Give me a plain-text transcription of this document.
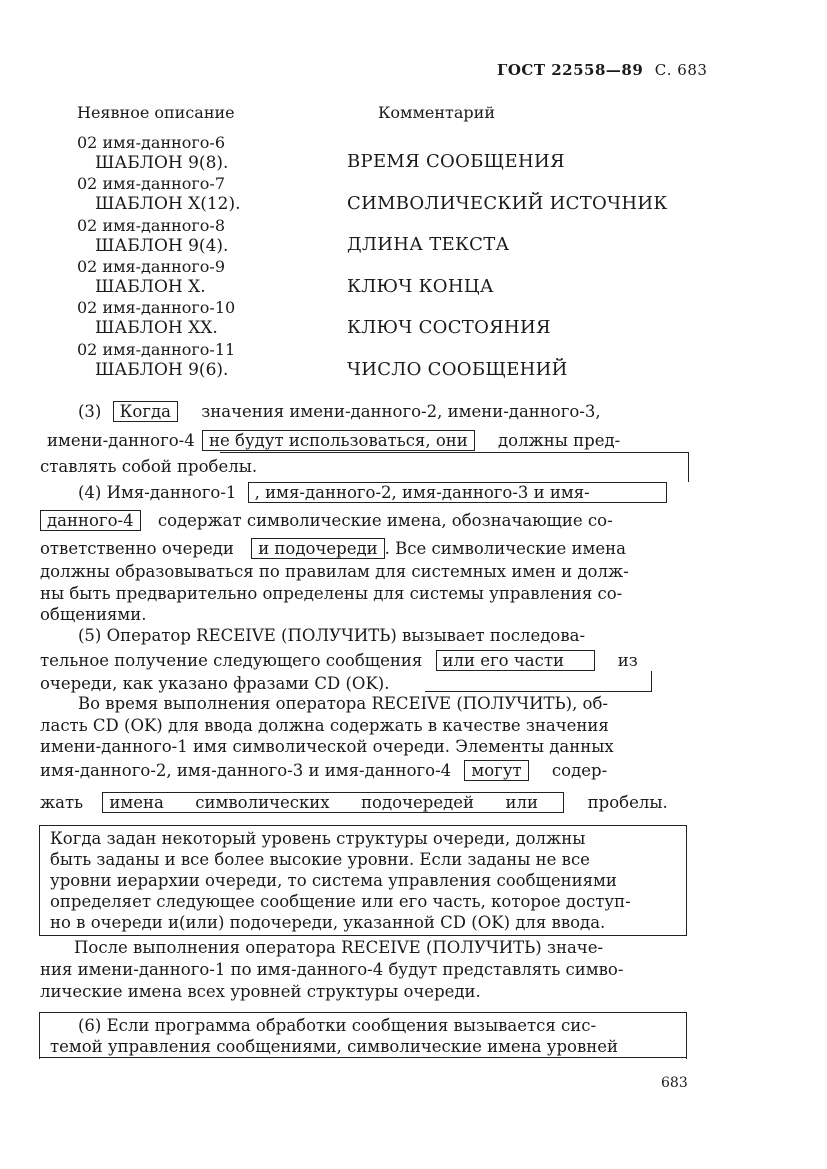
ГОСТ 22558—89 С. 683
Неявное описание	Комментарий
02 имя-данного-6
ШАБЛОН 9(8).	ВРЕМЯ СООБЩЕНИЯ
02 имя-данного-7
ШАБЛОН X(12).	СИМВОЛИЧЕСКИЙ ИСТОЧНИК
02 имя-данного-8
ШАБЛОН 9(4).	ДЛИНА ТЕКСТА
02 имя-данного-9
ШАБЛОН X.	КЛЮЧ КОНЦА
02 имя-данного-10
ШАБЛОН XX.	КЛЮЧ СОСТОЯНИЯ
02 имя-данного-11
ШАБЛОН 9(6).	ЧИСЛО СООБЩЕНИЙ
(3) Когда значения имени-данного-2, имени-данного-3,
имени-данного-4 не будут использоваться, они должны пред-
ставлять собой пробелы.
(4) Имя-данного-1 , имя-данного-2, имя-данного-3 и имя-
данного-4 содержат символические имена, обозначающие со-
ответственно очереди и подочереди . Все символические имена
должны образовываться по правилам для системных имен и долж-
ны быть предварительно определены для системы управления со-
общениями.
(5) Оператор RECEIVE (ПОЛУЧИТЬ) вызывает последова-
тельное получение следующего сообщения или его части	из
очереди, как указано фразами CD (OK).
Во время выполнения оператора RECEIVE (ПОЛУЧИТЬ), об-
ласть CD (OK) для ввода должна содержать в качестве значения
имени-данного-1 имя символической очереди. Элементы данных
имя-данного-2, имя-данного-3 и имя-данного-4 могут содер-
жать имена      символических      подочередей      или	пробелы.
Когда задан некоторый уровень структуры очереди, должны
быть заданы и все более высокие уровни. Если заданы не все
уровни иерархии очереди, то система управления сообщениями
определяет следующее сообщение или его часть, которое доступ-
но в очереди и(или) подочереди, указанной CD (OK) для ввода.
После выполнения оператора RECEIVE (ПОЛУЧИТЬ) значе-
ния имени-данного-1 по имя-данного-4 будут представлять симво-
лические имена всех уровней структуры очереди.
(6) Если программа обработки сообщения вызывается сис-
темой управления сообщениями, символические имена уровней
683
